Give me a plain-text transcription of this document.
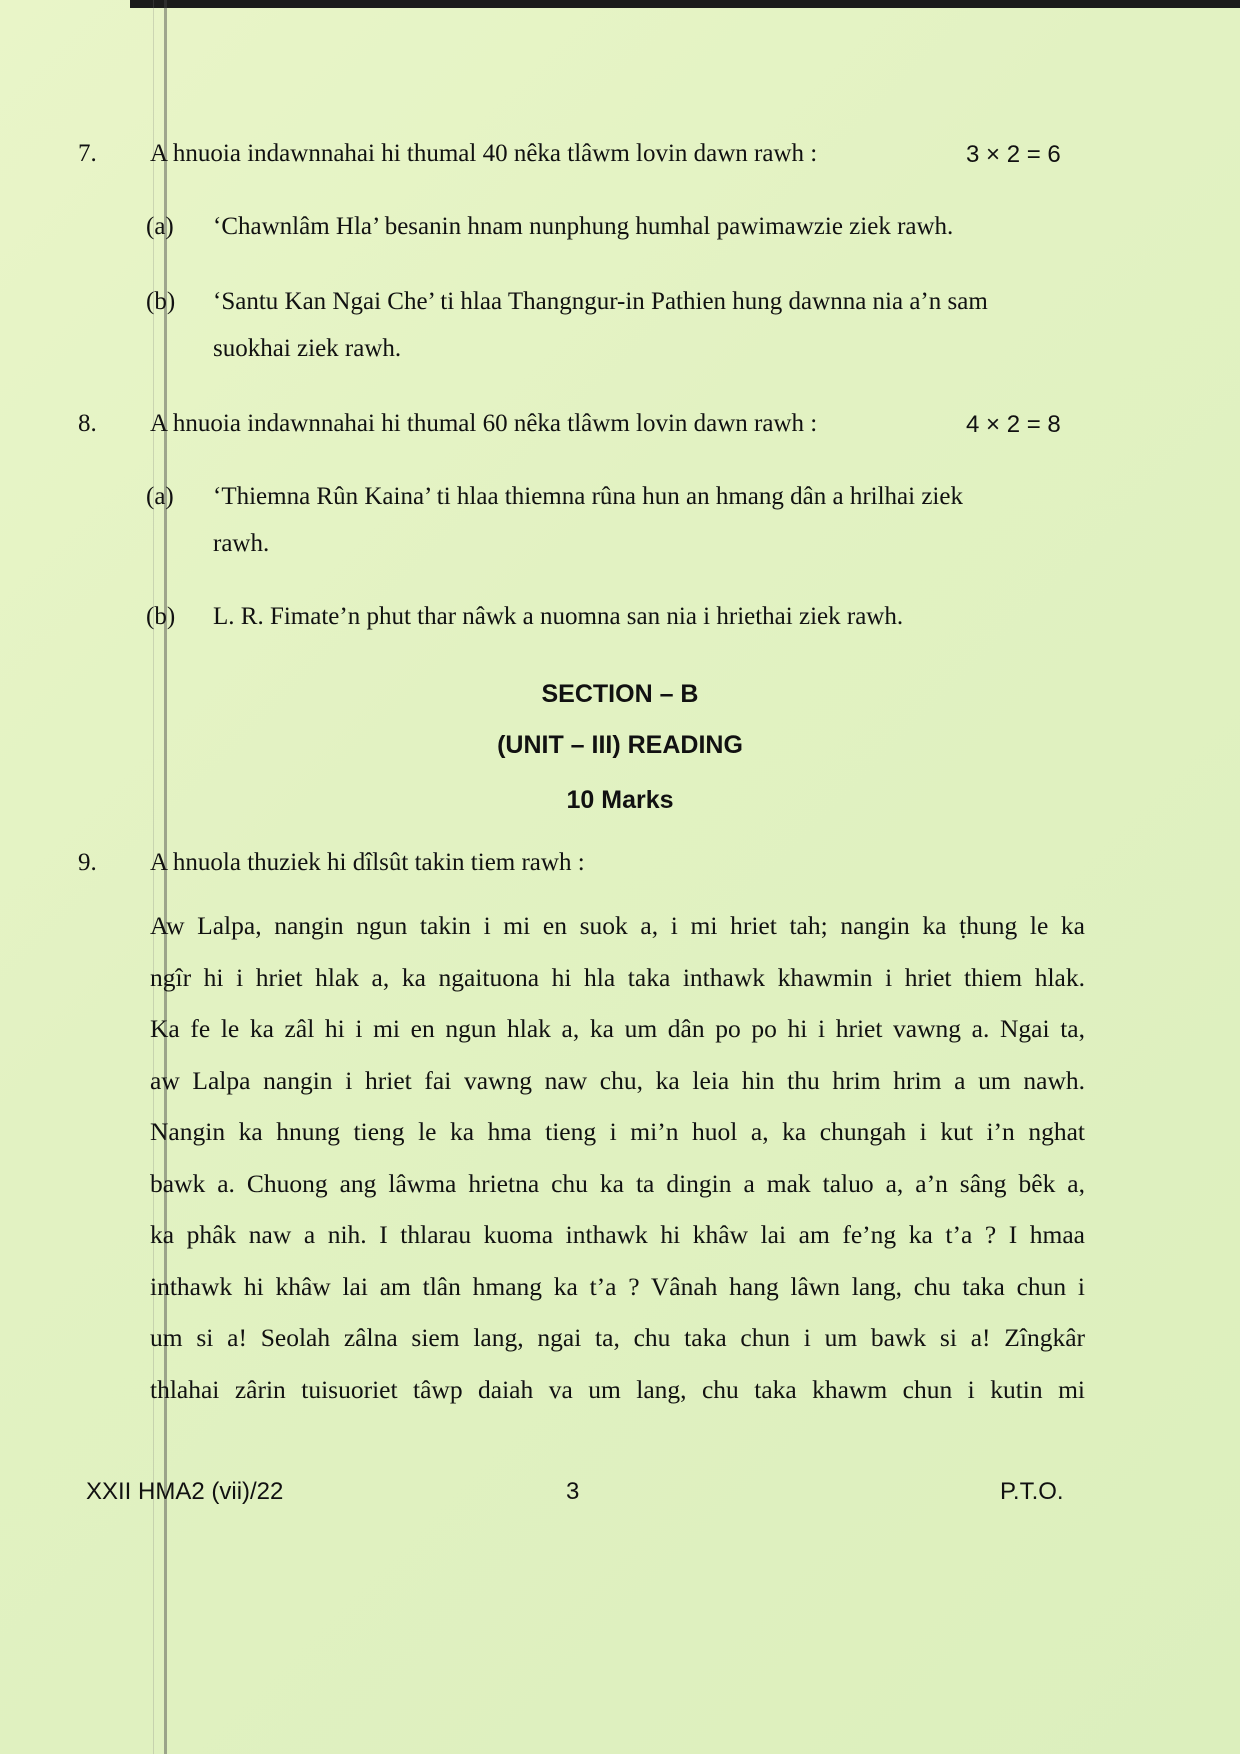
7. A hnuoia indawnnahai hi thumal 40 nêka tlâwm lovin dawn rawh :	3 × 2 = 6
(a) ‘Chawnlâm Hla’ besanin hnam nunphung humhal pawimawzie ziek rawh.
(b) ‘Santu Kan Ngai Che’ ti hlaa Thangngur-in Pathien hung dawnna nia a’n sam
suokhai ziek rawh.
8. A hnuoia indawnnahai hi thumal 60 nêka tlâwm lovin dawn rawh :	4 × 2 = 8
(a) ‘Thiemna Rûn Kaina’ ti hlaa thiemna rûna hun an hmang dân a hrilhai ziek
rawh.
(b) L. R. Fimate’n phut thar nâwk a nuomna san nia i hriethai ziek rawh.
SECTION – B
(UNIT – III) READING
10 Marks
9. A hnuola thuziek hi dîlsût takin tiem rawh :
Aw Lalpa, nangin ngun takin i mi en suok a, i mi hriet tah; nangin ka ṭhung le ka
ngîr hi i hriet hlak a, ka ngaituona hi hla taka inthawk khawmin i hriet thiem hlak.
Ka fe le ka zâl hi i mi en ngun hlak a, ka um dân po po hi i hriet vawng a. Ngai ta,
aw Lalpa nangin i hriet fai vawng naw chu, ka leia hin thu hrim hrim a um nawh.
Nangin ka hnung tieng le ka hma tieng i mi’n huol a, ka chungah i kut i’n nghat
bawk a. Chuong ang lâwma hrietna chu ka ta dingin a mak taluo a, a’n sâng bêk a,
ka phâk naw a nih. I thlarau kuoma inthawk hi khâw lai am fe’ng ka t’a ? I hmaa
inthawk hi khâw lai am tlân hmang ka t’a ? Vânah hang lâwn lang, chu taka chun i
um si a! Seolah zâlna siem lang, ngai ta, chu taka chun i um bawk si a! Zîngkâr
thlahai zârin tuisuoriet tâwp daiah va um lang, chu taka khawm chun i kutin mi
XXII HMA2 (vii)/22	3	P.T.O.
